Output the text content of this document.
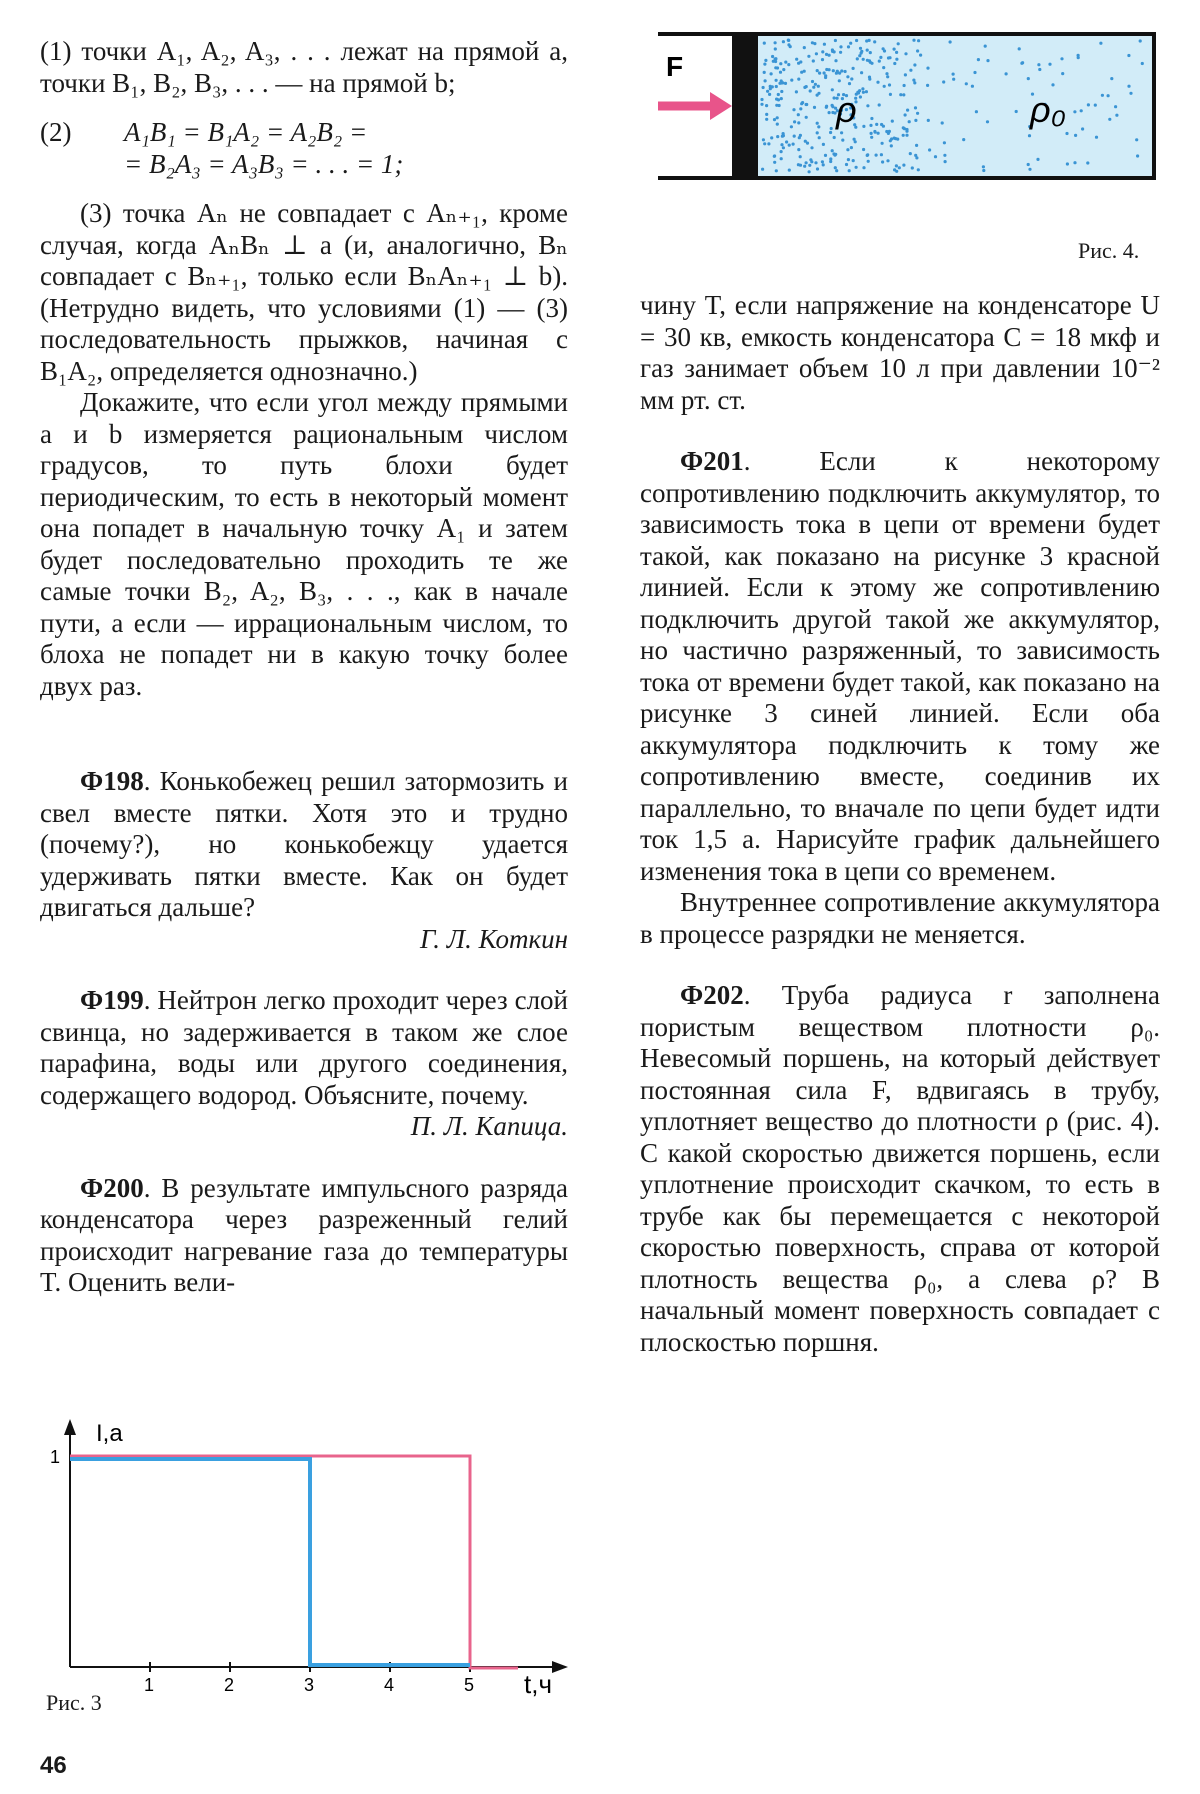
(1) точки A₁, A₂, A₃, . . . лежат на прямой a, точки B₁, B₂, B₃, . . . — на прямой b;

(2)	A₁B₁ = B₁A₂ = A₂B₂ =
= B₂A₃ = A₃B₃ = . . . = 1;

(3) точка Aₙ не совпадает с Aₙ₊₁, кроме случая, когда AₙBₙ ⊥ a (и, аналогично, Bₙ совпадает с Bₙ₊₁, только если BₙAₙ₊₁ ⊥ b). (Нетрудно видеть, что условиями (1) — (3) последовательность прыжков, начиная с B₁A₂, определяется однозначно.)

Докажите, что если угол между прямыми a и b измеряется рациональным числом градусов, то путь блохи будет периодическим, то есть в некоторый момент она попадет в начальную точку A₁ и затем будет последовательно проходить те же самые точки B₂, A₂, B₃, . . ., как в начале пути, а если — иррациональным числом, то блоха не попадет ни в какую точку более двух раз.

Ф198. Конькобежец решил затормозить и свел вместе пятки. Хотя это и трудно (почему?), но конькобежцу удается удерживать пятки вместе. Как он будет двигаться дальше?

Г. Л. Коткин

Ф199. Нейтрон легко проходит через слой свинца, но задерживается в таком же слое парафина, воды или другого соединения, содержащего водород. Объясните, почему.

П. Л. Капица.

Ф200. В результате импульсного разряда конденсатора через разреженный гелий происходит нагревание газа до температуры T. Оценить вели-

1	2	3	4	5
1
I,a
t,ч
Рис. 3
F
ρ	ρ₀
Рис. 4.

чину T, если напряжение на конденсаторе U = 30 кв, емкость конденсатора C = 18 мкф и газ занимает объем 10 л при давлении 10⁻² мм рт. ст.

Ф201. Если к некоторому сопротивлению подключить аккумулятор, то зависимость тока в цепи от времени будет такой, как показано на рисунке 3 красной линией. Если к этому же сопротивлению подключить другой такой же аккумулятор, но частично разряженный, то зависимость тока от времени будет такой, как показано на рисунке 3 синей линией. Если оба аккумулятора подключить к тому же сопротивлению вместе, соединив их параллельно, то вначале по цепи будет идти ток 1,5 а. Нарисуйте график дальнейшего изменения тока в цепи со временем.

Внутреннее сопротивление аккумулятора в процессе разрядки не меняется.

Ф202. Труба радиуса r заполнена пористым веществом плотности ρ₀. Невесомый поршень, на который действует постоянная сила F, вдвигаясь в трубу, уплотняет вещество до плотности ρ (рис. 4). С какой скоростью движется поршень, если уплотнение происходит скачком, то есть в трубе как бы перемещается с некоторой скоростью поверхность, справа от которой плотность вещества ρ₀, а слева ρ? В начальный момент поверхность совпадает с плоскостью поршня.

46
